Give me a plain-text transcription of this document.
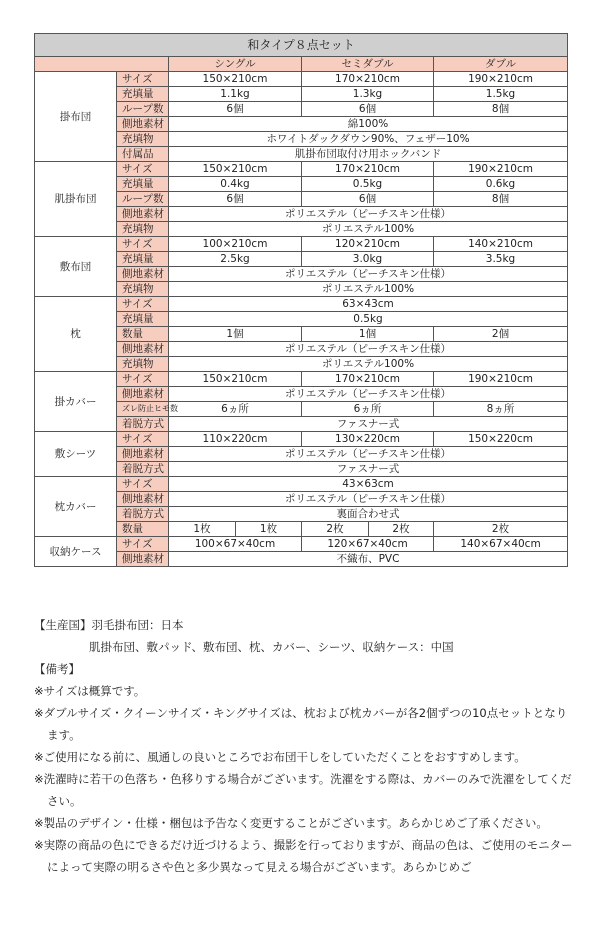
和タイプ８点セット						
		シングル		セミダブル		ダブル
掛布団	サイズ	150×210cm		170×210cm		190×210cm
	充填量	1.1kg		1.3kg		1.5kg
	ループ数	6個		6個		8個
	側地素材	綿100%				
	充填物	ホワイトダックダウン90%、フェザー10%				
	付属品	肌掛布団取付け用ホックバンド				
肌掛布団	サイズ	150×210cm		170×210cm		190×210cm
	充填量	0.4kg		0.5kg		0.6kg
	ループ数	6個		6個		8個
	側地素材	ポリエステル（ピーチスキン仕様）				
	充填物	ポリエステル100%				
敷布団	サイズ	100×210cm		120×210cm		140×210cm
	充填量	2.5kg		3.0kg		3.5kg
	側地素材	ポリエステル（ピーチスキン仕様）				
	充填物	ポリエステル100%				
枕	サイズ	63×43cm				
	充填量	0.5kg				
	数量	1個		1個		2個
	側地素材	ポリエステル（ピーチスキン仕様）				
	充填物	ポリエステル100%				
掛カバー	サイズ	150×210cm		170×210cm		190×210cm
	側地素材	ポリエステル（ピーチスキン仕様）				
	ズレ防止ヒモ数	6ヵ所		6ヵ所		8ヵ所
	着脱方式	ファスナー式				
敷シーツ	サイズ	110×220cm		130×220cm		150×220cm
	側地素材	ポリエステル（ピーチスキン仕様）				
	着脱方式	ファスナー式				
枕カバー	サイズ	43×63cm				
	側地素材	ポリエステル（ピーチスキン仕様）				
	着脱方式	裏面合わせ式				
	数量	1枚	1枚	2枚	2枚	2枚
収納ケース	サイズ	100×67×40cm		120×67×40cm		140×67×40cm
	側地素材	不織布、PVC				

【生産国】羽毛掛布団：日本

肌掛布団、敷パッド、敷布団、枕、カバー、シーツ、収納ケース：中国

【備考】

※サイズは概算です。

※ダブルサイズ・クイーンサイズ・キングサイズは、枕および枕カバーが各2個ずつの10点セットとなります。

※ご使用になる前に、風通しの良いところでお布団干しをしていただくことをおすすめします。

※洗濯時に若干の色落ち・色移りする場合がございます。洗濯をする際は、カバーのみで洗濯をしてください。

※製品のデザイン・仕様・梱包は予告なく変更することがございます。あらかじめご了承ください。

※実際の商品の色にできるだけ近づけるよう、撮影を行っておりますが、商品の色は、ご使用のモニターによって実際の明るさや色と多少異なって見える場合がございます。あらかじめご
